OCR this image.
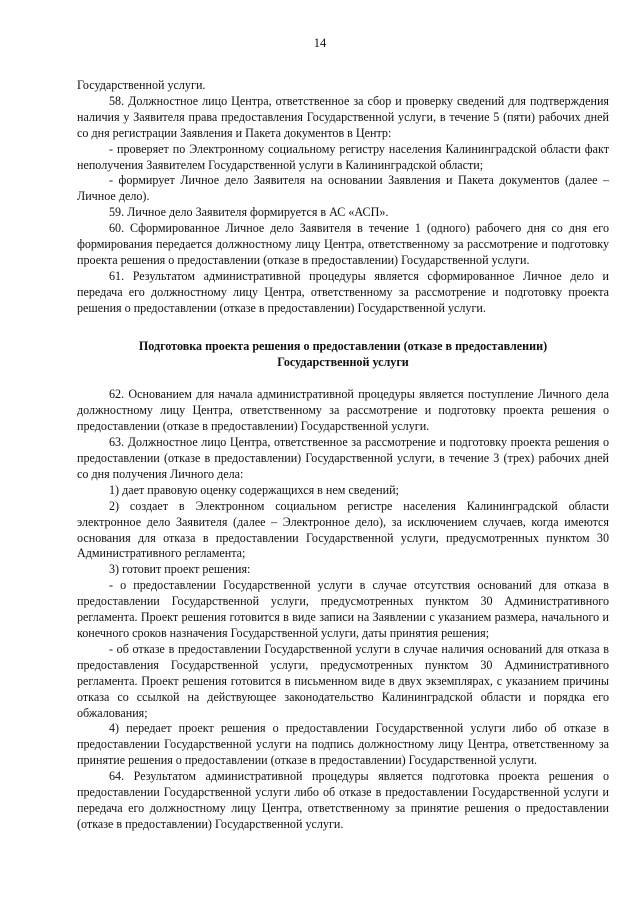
14

Государственной услуги.

58. Должностное лицо Центра, ответственное за сбор и проверку сведений для подтверждения наличия у Заявителя права предоставления Государственной услуги, в течение 5 (пяти) рабочих дней со дня регистрации Заявления и Пакета документов в Центр:

- проверяет по Электронному социальному регистру населения Калининградской области факт неполучения Заявителем Государственной услуги в Калининградской области;

- формирует Личное дело Заявителя на основании Заявления и Пакета документов (далее – Личное дело).

59. Личное дело Заявителя формируется в АС «АСП».

60. Сформированное Личное дело Заявителя в течение 1 (одного) рабочего дня со дня его формирования передается должностному лицу Центра, ответственному за рассмотрение и подготовку проекта решения о предоставлении (отказе в предоставлении) Государственной услуги.

61. Результатом административной процедуры является сформированное Личное дело и передача его должностному лицу Центра, ответственному за рассмотрение и подготовку проекта решения о предоставлении (отказе в предоставлении) Государственной услуги.

Подготовка проекта решения о предоставлении (отказе в предоставлении)
Государственной услуги

62. Основанием для начала административной процедуры является поступление Личного дела должностному лицу Центра, ответственному за рассмотрение и подготовку проекта решения о предоставлении (отказе в предоставлении) Государственной услуги.

63. Должностное лицо Центра, ответственное за рассмотрение и подготовку проекта решения о предоставлении (отказе в предоставлении) Государственной услуги, в течение 3 (трех) рабочих дней со дня получения Личного дела:

1) дает правовую оценку содержащихся в нем сведений;

2) создает в Электронном социальном регистре населения Калининградской области электронное дело Заявителя (далее – Электронное дело), за исключением случаев, когда имеются основания для отказа в предоставлении Государственной услуги, предусмотренных пунктом 30 Административного регламента;

3) готовит проект решения:

- о предоставлении Государственной услуги в случае отсутствия оснований для отказа в предоставлении Государственной услуги, предусмотренных пунктом 30 Административного регламента. Проект решения готовится в виде записи на Заявлении с указанием размера, начального и конечного сроков назначения Государственной услуги, даты принятия решения;

- об отказе в предоставлении Государственной услуги в случае наличия оснований для отказа в предоставления Государственной услуги, предусмотренных пунктом 30 Административного регламента. Проект решения готовится в письменном виде в двух экземплярах, с указанием причины отказа со ссылкой на действующее законодательство Калининградской области и порядка его обжалования;

4) передает проект решения о предоставлении Государственной услуги либо об отказе в предоставлении Государственной услуги на подпись должностному лицу Центра, ответственному за принятие решения о предоставлении (отказе в предоставлении) Государственной услуги.

64. Результатом административной процедуры является подготовка проекта решения о предоставлении Государственной услуги либо об отказе в предоставлении Государственной услуги и передача его должностному лицу Центра, ответственному за принятие решения о предоставлении (отказе в предоставлении) Государственной услуги.
